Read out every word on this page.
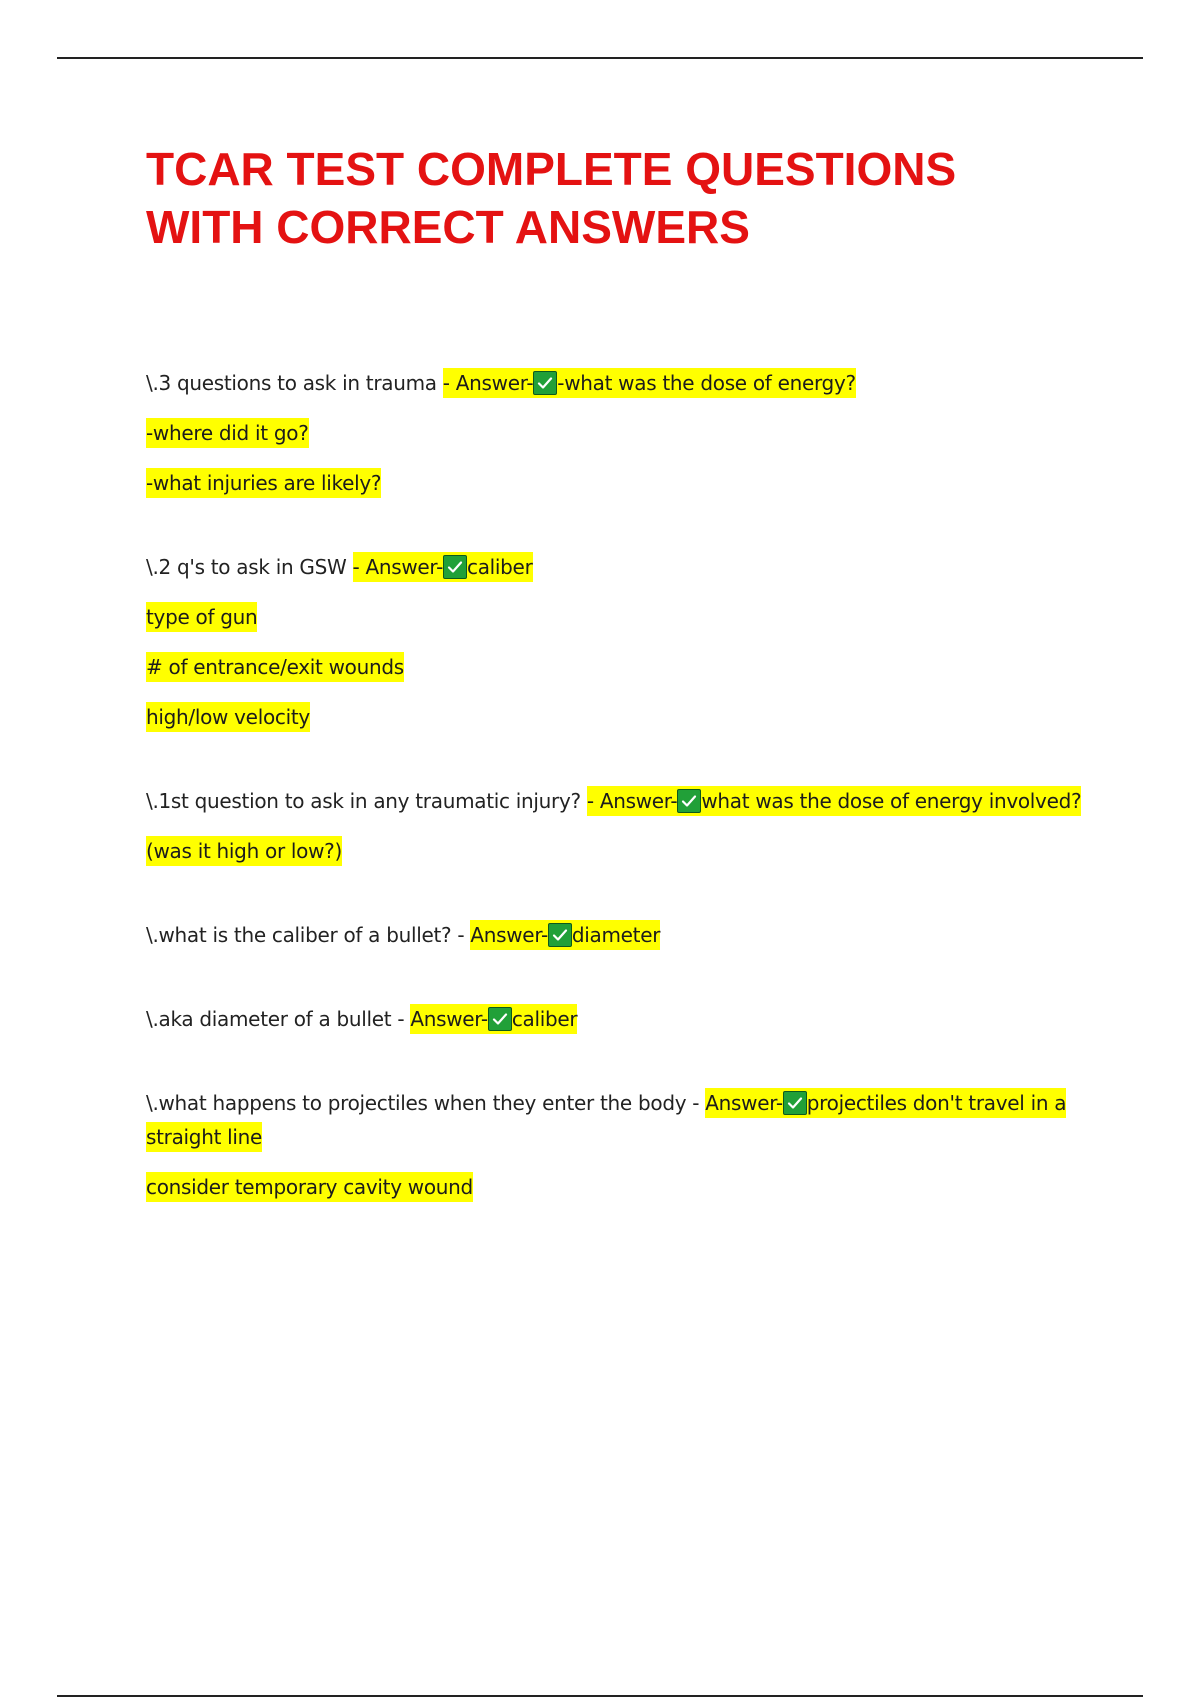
TCAR TEST COMPLETE QUESTIONS
WITH CORRECT ANSWERS

\.3 questions to ask in trauma - Answer- -what was the dose of energy?

-where did it go?

-what injuries are likely?

\.2 q's to ask in GSW - Answer- caliber

type of gun

# of entrance/exit wounds

high/low velocity

\.1st question to ask in any traumatic injury? - Answer- what was the dose of energy involved?

(was it high or low?)

\.what is the caliber of a bullet? - Answer- diameter

\.aka diameter of a bullet - Answer- caliber

\.what happens to projectiles when they enter the body - Answer- projectiles don't travel in a straight line

consider temporary cavity wound
